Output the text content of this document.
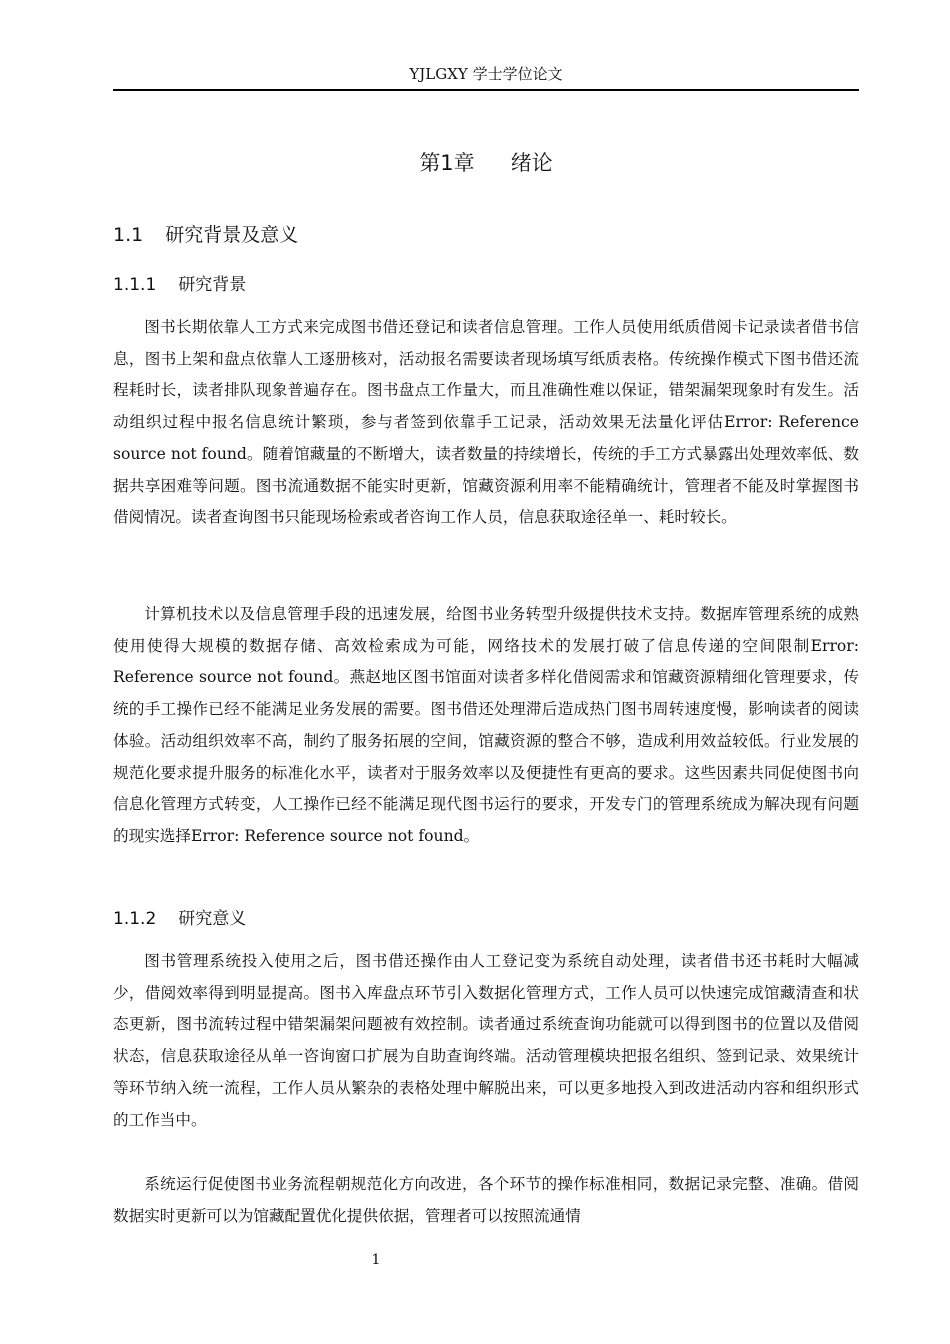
YJLGXY 学士学位论文
第1章 绪论
1.1 研究背景及意义
1.1.1 研究背景

图书长期依靠人工方式来完成图书借还登记和读者信息管理。工作人员使用纸质借阅卡记录读者借书信息，图书上架和盘点依靠人工逐册核对，活动报名需要读者现场填写纸质表格。传统操作模式下图书借还流程耗时长，读者排队现象普遍存在。图书盘点工作量大，而且准确性难以保证，错架漏架现象时有发生。活动组织过程中报名信息统计繁琐，参与者签到依靠手工记录，活动效果无法量化评估Error: Reference source not found。随着馆藏量的不断增大，读者数量的持续增长，传统的手工方式暴露出处理效率低、数据共享困难等问题。图书流通数据不能实时更新，馆藏资源利用率不能精确统计，管理者不能及时掌握图书借阅情况。读者查询图书只能现场检索或者咨询工作人员，信息获取途径单一、耗时较长。

计算机技术以及信息管理手段的迅速发展，给图书业务转型升级提供技术支持。数据库管理系统的成熟使用使得大规模的数据存储、高效检索成为可能，网络技术的发展打破了信息传递的空间限制Error: Reference source not found。燕赵地区图书馆面对读者多样化借阅需求和馆藏资源精细化管理要求，传统的手工操作已经不能满足业务发展的需要。图书借还处理滞后造成热门图书周转速度慢，影响读者的阅读体验。活动组织效率不高，制约了服务拓展的空间，馆藏资源的整合不够，造成利用效益较低。行业发展的规范化要求提升服务的标准化水平，读者对于服务效率以及便捷性有更高的要求。这些因素共同促使图书向信息化管理方式转变，人工操作已经不能满足现代图书运行的要求，开发专门的管理系统成为解决现有问题的现实选择Error: Reference source not found。

1.1.2 研究意义

图书管理系统投入使用之后，图书借还操作由人工登记变为系统自动处理，读者借书还书耗时大幅减少，借阅效率得到明显提高。图书入库盘点环节引入数据化管理方式，工作人员可以快速完成馆藏清查和状态更新，图书流转过程中错架漏架问题被有效控制。读者通过系统查询功能就可以得到图书的位置以及借阅状态，信息获取途径从单一咨询窗口扩展为自助查询终端。活动管理模块把报名组织、签到记录、效果统计等环节纳入统一流程，工作人员从繁杂的表格处理中解脱出来，可以更多地投入到改进活动内容和组织形式的工作当中。

系统运行促使图书业务流程朝规范化方向改进，各个环节的操作标准相同，数据记录完整、准确。借阅数据实时更新可以为馆藏配置优化提供依据，管理者可以按照流通情

1
